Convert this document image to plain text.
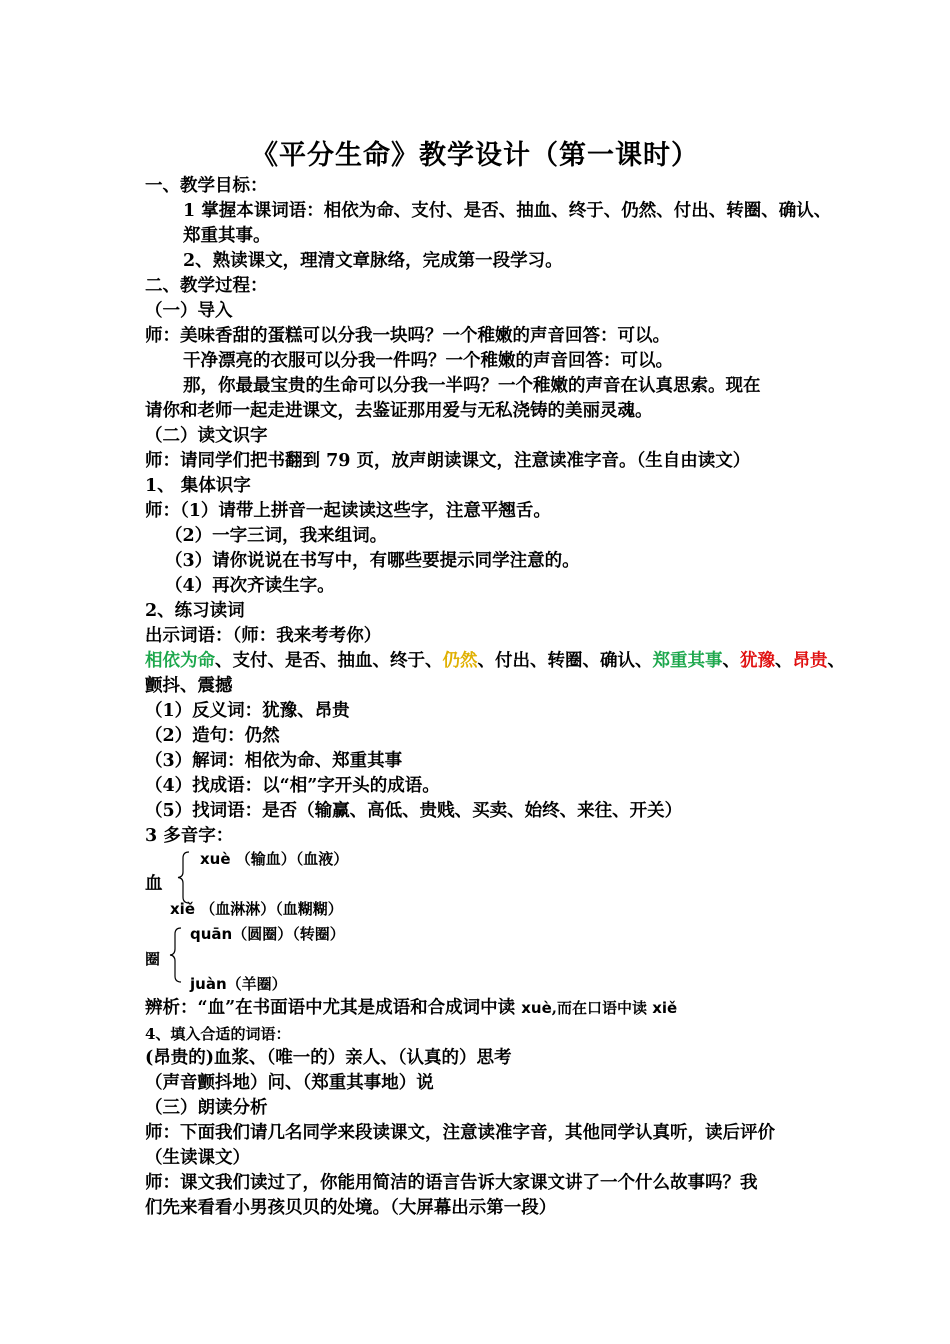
《平分生命》教学设计（第一课时）
一、教学目标：
1 掌握本课词语：相依为命、支付、是否、抽血、终于、仍然、付出、转圈、确认、
郑重其事。
2、熟读课文，理清文章脉络，完成第一段学习。
二、教学过程：
（一）导入
师：美味香甜的蛋糕可以分我一块吗？一个稚嫩的声音回答：可以。
干净漂亮的衣服可以分我一件吗？一个稚嫩的声音回答：可以。
那，你最最宝贵的生命可以分我一半吗？一个稚嫩的声音在认真思索。现在
请你和老师一起走进课文，去鉴证那用爱与无私浇铸的美丽灵魂。
（二）读文识字
师：请同学们把书翻到 79 页，放声朗读课文，注意读准字音。（生自由读文）
1、 集体识字
师：（1）请带上拼音一起读读这些字，注意平翘舌。
（2）一字三词，我来组词。
（3）请你说说在书写中，有哪些要提示同学注意的。
（4）再次齐读生字。
2、练习读词
出示词语：（师：我来考考你）
相依为命、支付、是否、抽血、终于、仍然、付出、转圈、确认、郑重其事、犹豫、昂贵、
颤抖、震撼
（1）反义词：犹豫、昂贵
（2）造句：仍然
（3）解词：相依为命、郑重其事
（4）找成语：以“相”字开头的成语。
（5）找词语：是否（输赢、高低、贵贱、买卖、始终、来往、开关）
3 多音字：
xuè （输血）（血液）
血
xiě （血淋淋）（血糊糊）
quān（圆圈）（转圈）
圈
juàn（羊圈）
辨析：“血”在书面语中尤其是成语和合成词中读 xuè,而在口语中读 xiě
4、填入合适的词语：
(昂贵的)血浆、（唯一的）亲人、（认真的）思考
（声音颤抖地）问、（郑重其事地）说
（三）朗读分析
师：下面我们请几名同学来段读课文，注意读准字音，其他同学认真听，读后评价
（生读课文）
师：课文我们读过了，你能用简洁的语言告诉大家课文讲了一个什么故事吗？我
们先来看看小男孩贝贝的处境。（大屏幕出示第一段）
